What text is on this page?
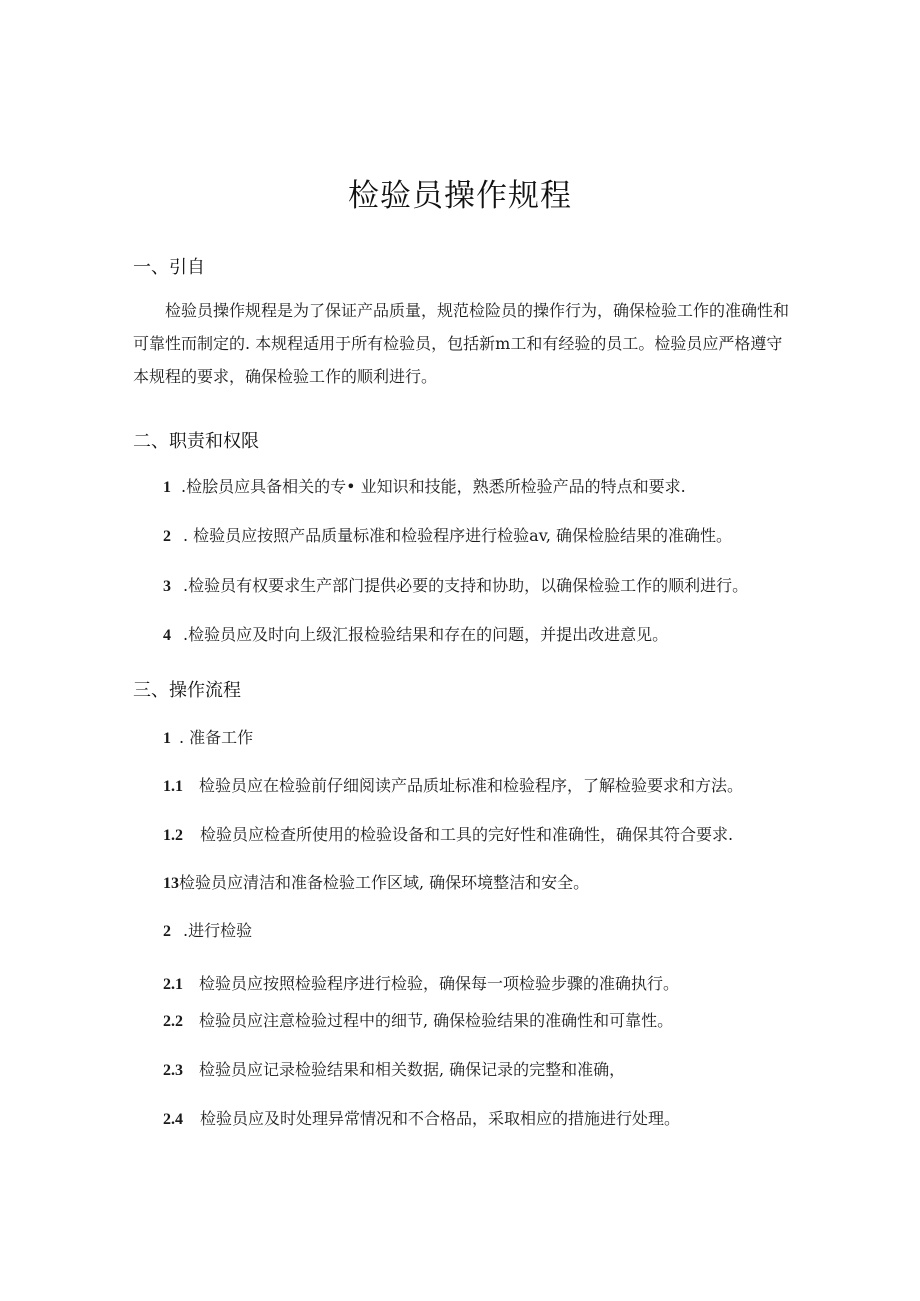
检验员操作规程
一、引自
检验员操作规程是为了保证产品质量，规范检险员的操作行为，确保检验工作的准确性和可靠性而制定的. 本规程适用于所有检验员，包括新m工和有经验的员工。检验员应严格遵守本规程的要求，确保检验工作的顺利进行。
二、职责和权限
1 .检脍员应具备相关的专• 业知识和技能，熟悉所检验产品的特点和要求.
2 . 检验员应按照产品质量标准和检验程序进行检验av, 确保检脸结果的准确性。
3 .检验员有权要求生产部门提供必要的支持和协助，以确保检验工作的顺利进行。
4 .检验员应及时向上级汇报检验结果和存在的问题，并提出改进意见。
三、操作流程
1 . 准备工作
1.1 检验员应在检验前仔细阅读产品质址标准和检验程序，了解检验要求和方法。
1.2 检验员应检查所使用的检验设备和工具的完好性和准确性，确保其符合要求.
13检验员应清洁和准备检验工作区域, 确保环境整洁和安全。
2 .进行检验
2.1 检验员应按照检验程序进行检验，确保每一项检验步骤的准确执行。
2.2 检验员应注意检验过程中的细节, 确保检验结果的准确性和可靠性。
2.3 检验员应记录检验结果和相关数据, 确保记录的完整和准确，
2.4 检验员应及时处理异常情况和不合格品，采取相应的措施进行处理。
